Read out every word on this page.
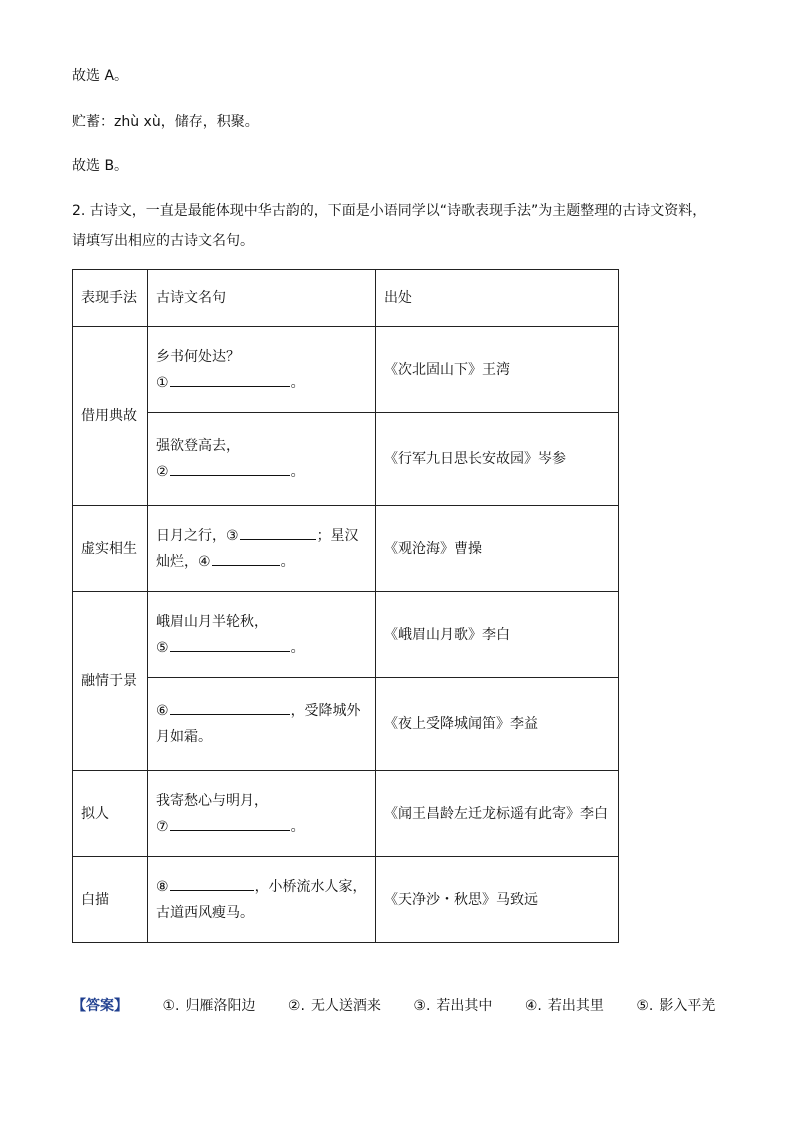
故选 A。

贮蓄：zhù xù，储存，积聚。

故选 B。

2. 古诗文，一直是最能体现中华古韵的，下面是小语同学以“诗歌表现手法”为主题整理的古诗文资料，

请填写出相应的古诗文名句。

表现手法	古诗文名句	出处
借用典故	乡书何处达？
① 。	《次北固山下》王湾

	强欲登高去，
② 。	《行军九日思长安故园》岑参
虚实相生	日月之行，③ ；星汉
灿烂，④ 。	《观沧海》曹操
融情于景	峨眉山月半轮秋，
⑤ 。	《峨眉山月歌》李白

	⑥ ，受降城外
月如霜。	《夜上受降城闻笛》李益
拟人	我寄愁心与明月，
⑦ 。	《闻王昌龄左迁龙标遥有此寄》李白
白描	⑧ ，小桥流水人家，
古道西风瘦马。	《天净沙・秋思》马致远
【答案】 ①. 归雁洛阳边 ②. 无人送酒来 ③. 若出其中 ④. 若出其里 ⑤. 影入平羌
